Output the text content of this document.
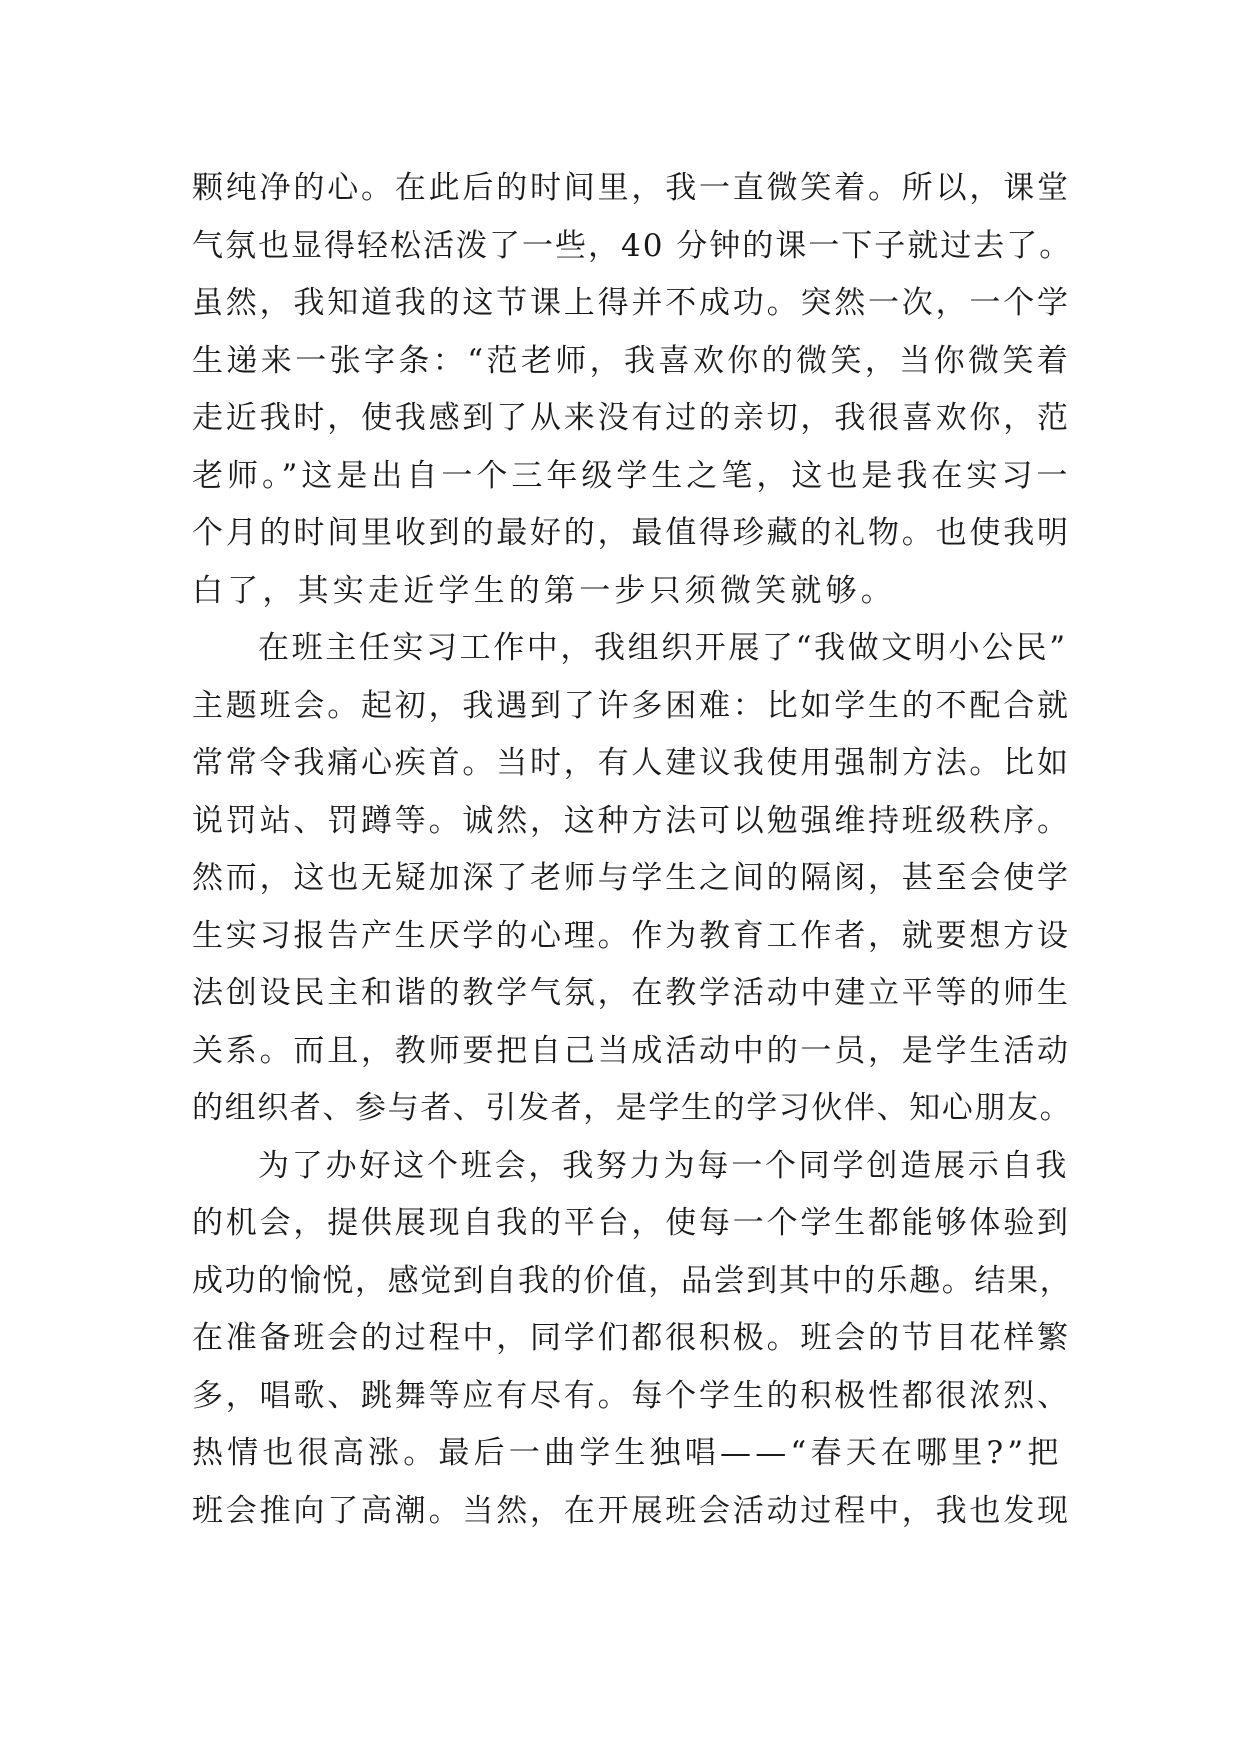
颗纯净的心。在此后的时间里，我一直微笑着。所以，课堂
气氛也显得轻松活泼了一些，40 分钟的课一下子就过去了。
虽然，我知道我的这节课上得并不成功。突然一次，一个学
生递来一张字条：“范老师，我喜欢你的微笑，当你微笑着
走近我时，使我感到了从来没有过的亲切，我很喜欢你，范
老师。”这是出自一个三年级学生之笔，这也是我在实习一
个月的时间里收到的最好的，最值得珍藏的礼物。也使我明
白了，其实走近学生的第一步只须微笑就够。
在班主任实习工作中，我组织开展了“我做文明小公民”
主题班会。起初，我遇到了许多困难：比如学生的不配合就
常常令我痛心疾首。当时，有人建议我使用强制方法。比如
说罚站、罚蹲等。诚然，这种方法可以勉强维持班级秩序。
然而，这也无疑加深了老师与学生之间的隔阂，甚至会使学
生实习报告产生厌学的心理。作为教育工作者，就要想方设
法创设民主和谐的教学气氛，在教学活动中建立平等的师生
关系。而且，教师要把自己当成活动中的一员，是学生活动
的组织者、参与者、引发者，是学生的学习伙伴、知心朋友。
为了办好这个班会，我努力为每一个同学创造展示自我
的机会，提供展现自我的平台，使每一个学生都能够体验到
成功的愉悦，感觉到自我的价值，品尝到其中的乐趣。结果，
在准备班会的过程中，同学们都很积极。班会的节目花样繁
多，唱歌、跳舞等应有尽有。每个学生的积极性都很浓烈、
热情也很高涨。最后一曲学生独唱——“春天在哪里?”把
班会推向了高潮。当然，在开展班会活动过程中，我也发现
